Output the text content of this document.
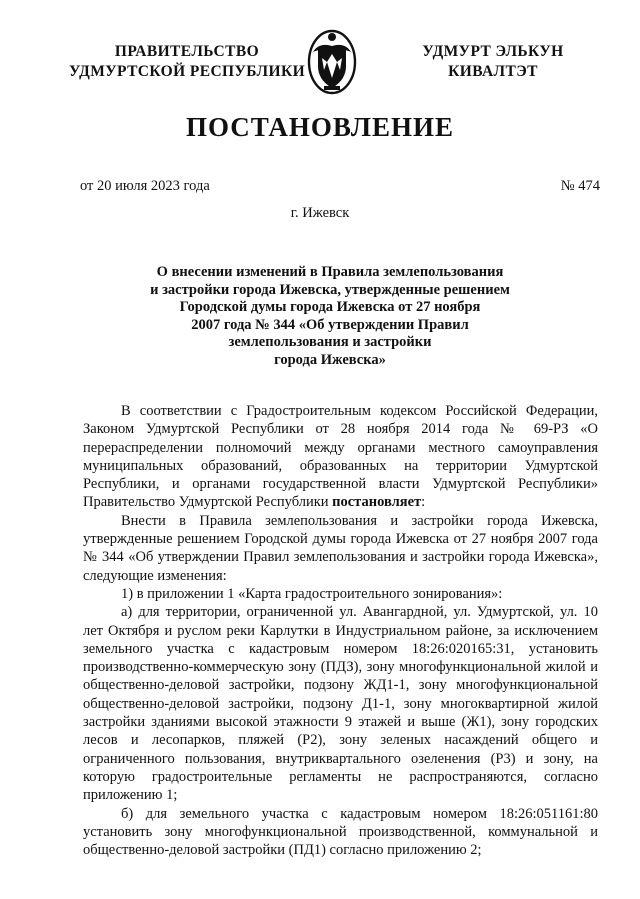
ПРАВИТЕЛЬСТВО
УДМУРТСКОЙ РЕСПУБЛИКИ
УДМУРТ ЭЛЬКУН
КИВАЛТЭТ
ПОСТАНОВЛЕНИЕ
от 20 июля 2023 года	№ 474
г. Ижевск
О внесении изменений в Правила землепользования
и застройки города Ижевска, утвержденные решением
Городской думы города Ижевска от 27 ноября
2007 года № 344 «Об утверждении Правил
землепользования и застройки
города Ижевска»

В соответствии с Градостроительным кодексом Российской Федерации, Законом Удмуртской Республики от 28 ноября 2014 года № 69-РЗ «О перераспределении полномочий между органами местного самоуправления муниципальных образований, образованных на территории Удмуртской Республики, и органами государственной власти Удмуртской Республики» Правительство Удмуртской Республики постановляет:

Внести в Правила землепользования и застройки города Ижевска, утвержденные решением Городской думы города Ижевска от 27 ноября 2007 года № 344 «Об утверждении Правил землепользования и застройки города Ижевска», следующие изменения:

1) в приложении 1 «Карта градостроительного зонирования»:

а) для территории, ограниченной ул. Авангардной, ул. Удмуртской, ул. 10 лет Октября и руслом реки Карлутки в Индустриальном районе, за исключением земельного участка с кадастровым номером 18:26:020165:31, установить производственно-коммерческую зону (ПДЗ), зону многофункциональной жилой и общественно-деловой застройки, подзону ЖД1-1, зону многофункциональной общественно-деловой застройки, подзону Д1-1, зону многоквартирной жилой застройки зданиями высокой этажности 9 этажей и выше (Ж1), зону городских лесов и лесопарков, пляжей (Р2), зону зеленых насаждений общего и ограниченного пользования, внутриквартального озеленения (Р3) и зону, на которую градостроительные регламенты не распространяются, согласно приложению 1;

б) для земельного участка с кадастровым номером 18:26:051161:80 установить зону многофункциональной производственной, коммунальной и общественно-деловой застройки (ПД1) согласно приложению 2;
